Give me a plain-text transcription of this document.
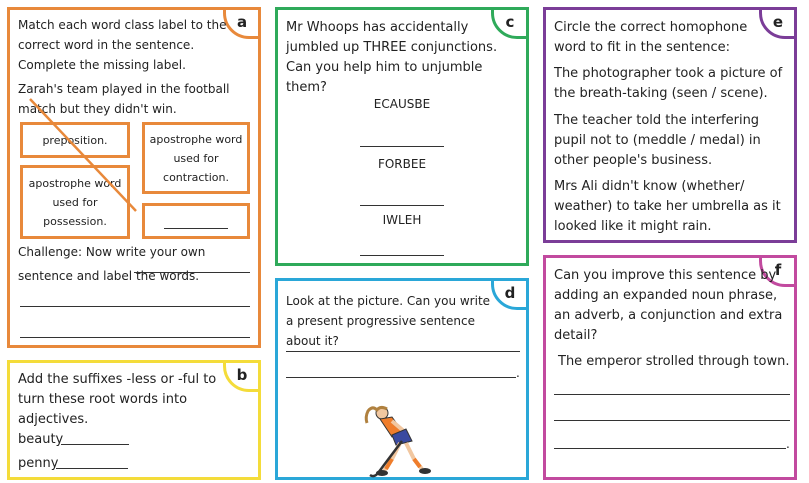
a
Match each word class label to the correct word in the sentence. Complete the missing label.
Zarah's team played in the football match but they didn't win.
preposition.	apostrophe word used for contraction.
apostrophe word used for possession.
Challenge: Now write your own sentence and label the words.
b
Add the suffixes -less or -ful to turn these root words into adjectives.
beauty
penny
c
Mr Whoops has accidentally jumbled up THREE conjunctions. Can you help him to unjumble them?
ECAUSBE
FORBEE
IWLEH
d
Look at the picture. Can you write a present progressive sentence about it?
.
e
Circle the correct homophone word to fit in the sentence:
The photographer took a picture of the breath-taking (seen / scene).
The teacher told the interfering pupil not to (meddle / medal) in other people's business.
Mrs Ali didn't know (whether/ weather) to take her umbrella as it looked like it might rain.
f
Can you improve this sentence by adding an expanded noun phrase, an adverb, a conjunction and extra detail?
The emperor strolled through town.
.
